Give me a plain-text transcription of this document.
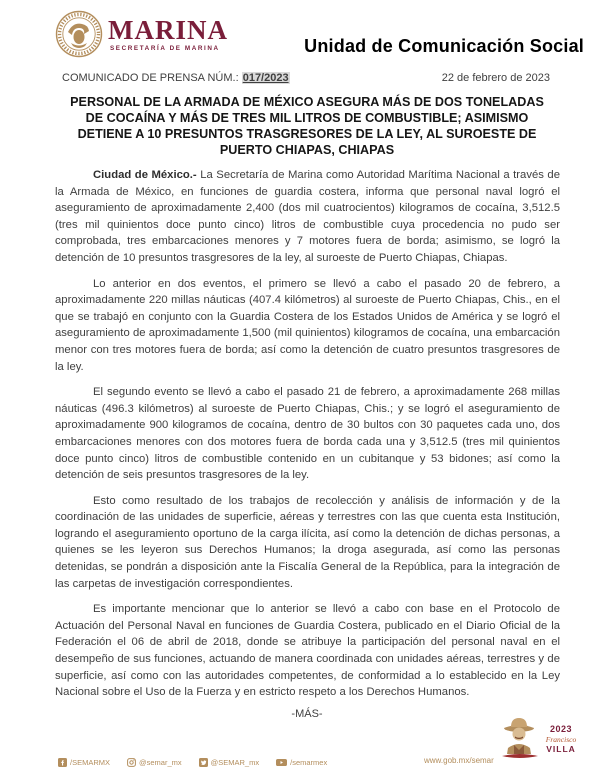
MARINA
SECRETARÍA DE MARINA	Unidad de Comunicación Social
COMUNICADO DE PRENSA NÚM.: 017/2023	22 de febrero de 2023
PERSONAL DE LA ARMADA DE MÉXICO ASEGURA MÁS DE DOS TONELADAS DE COCAÍNA Y MÁS DE TRES MIL LITROS DE COMBUSTIBLE; ASIMISMO DETIENE A 10 PRESUNTOS TRASGRESORES DE LA LEY, AL SUROESTE DE PUERTO CHIAPAS, CHIAPAS

Ciudad de México.- La Secretaría de Marina como Autoridad Marítima Nacional a través de la Armada de México, en funciones de guardia costera, informa que personal naval logró el aseguramiento de aproximadamente 2,400 (dos mil cuatrocientos) kilogramos de cocaína, 3,512.5 (tres mil quinientos doce punto cinco) litros de combustible cuya procedencia no pudo ser comprobada, tres embarcaciones menores y 7 motores fuera de borda; asimismo, se logró la detención de 10 presuntos trasgresores de la ley, al suroeste de Puerto Chiapas, Chiapas.

Lo anterior en dos eventos, el primero se llevó a cabo el pasado 20 de febrero, a aproximadamente 220 millas náuticas (407.4 kilómetros) al suroeste de Puerto Chiapas, Chis., en el que se trabajó en conjunto con la Guardia Costera de los Estados Unidos de América y se logró el aseguramiento de aproximadamente 1,500 (mil quinientos) kilogramos de cocaína, una embarcación menor con tres motores fuera de borda; así como la detención de cuatro presuntos trasgresores de la ley.

El segundo evento se llevó a cabo el pasado 21 de febrero, a aproximadamente 268 millas náuticas (496.3 kilómetros) al suroeste de Puerto Chiapas, Chis.; y se logró el aseguramiento de aproximadamente 900 kilogramos de cocaína, dentro de 30 bultos con 30 paquetes cada uno, dos embarcaciones menores con dos motores fuera de borda cada una y 3,512.5 (tres mil quinientos doce punto cinco) litros de combustible contenido en un cubitanque y 53 bidones; así como la detención de seis presuntos trasgresores de la ley.

Esto como resultado de los trabajos de recolección y análisis de información y de la coordinación de las unidades de superficie, aéreas y terrestres con las que cuenta esta Institución, logrando el aseguramiento oportuno de la carga ilícita, así como la detención de dichas personas, a quienes se les leyeron sus Derechos Humanos; la droga asegurada, así como las personas detenidas, se pondrán a disposición ante la Fiscalía General de la República, para la integración de las carpetas de investigación correspondientes.

Es importante mencionar que lo anterior se llevó a cabo con base en el Protocolo de Actuación del Personal Naval en funciones de Guardia Costera, publicado en el Diario Oficial de la Federación el 06 de abril de 2018, donde se atribuye la participación del personal naval en el desempeño de sus funciones, actuando de manera coordinada con unidades aéreas, terrestres y de superficie, así como con las autoridades competentes, de conformidad a lo establecido en la Ley Nacional sobre el Uso de la Fuerza y en estricto respeto a los Derechos Humanos.

-MÁS-
/SEMARMX	@semar_mx	@SEMAR_mx	/semarmex	www.gob.mx/semar
2023
Francisco
VILLA
